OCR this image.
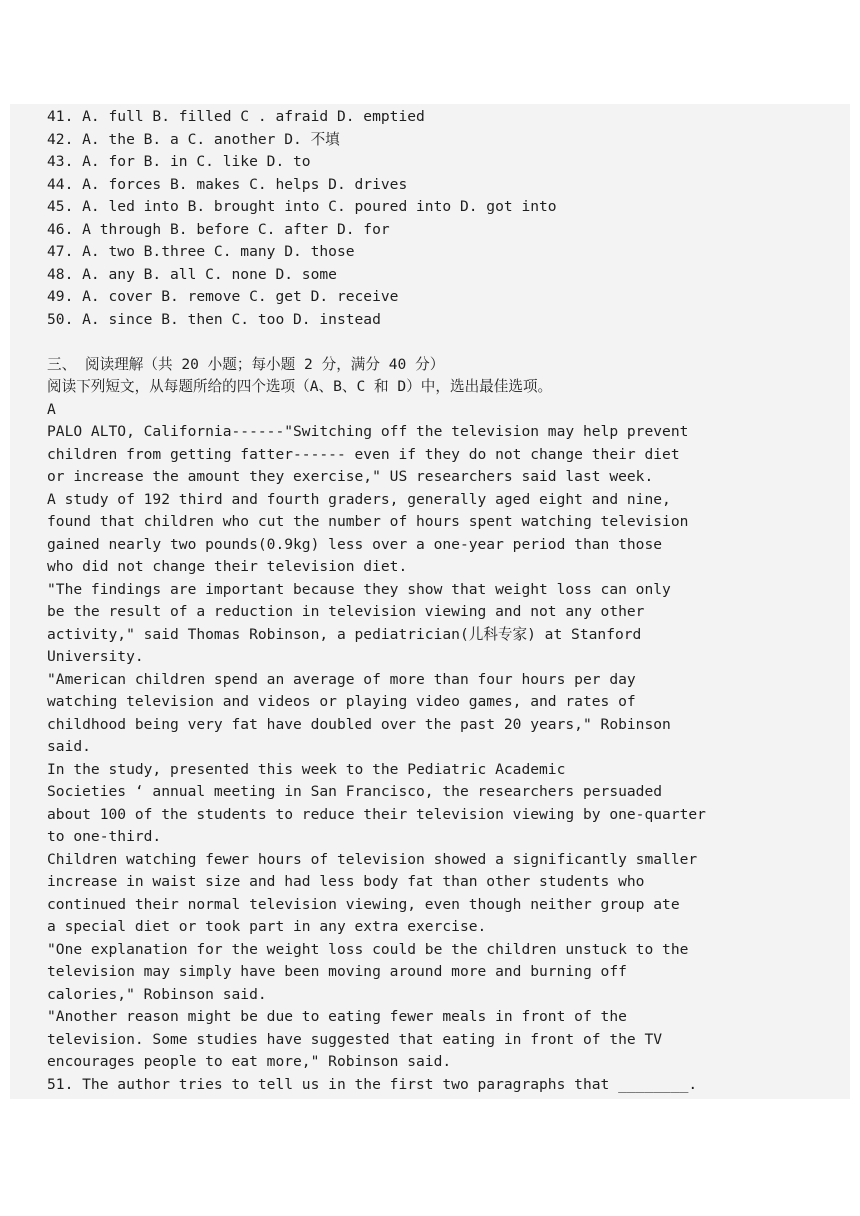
41. A. full B. filled C . afraid D. emptied
42. A. the B. a C. another D. 不填
43. A. for B. in C. like D. to
44. A. forces B. makes C. helps D. drives
45. A. led into B. brought into C. poured into D. got into
46. A through B. before C. after D. for
47. A. two B.three C. many D. those
48. A. any B. all C. none D. some
49. A. cover B. remove C. get D. receive
50. A. since B. then C. too D. instead
三、 阅读理解（共 20 小题；每小题 2 分，满分 40 分）
阅读下列短文，从每题所给的四个选项（A、B、C 和 D）中，选出最佳选项。
A
PALO ALTO, California------"Switching off the television may help prevent
children from getting fatter------ even if they do not change their diet
or increase the amount they exercise," US researchers said last week.
A study of 192 third and fourth graders, generally aged eight and nine,
found that children who cut the number of hours spent watching television
gained nearly two pounds(0.9kg) less over a one-year period than those
who did not change their television diet.
"The findings are important because they show that weight loss can only
be the result of a reduction in television viewing and not any other
activity," said Thomas Robinson, a pediatrician(儿科专家) at Stanford
University.
"American children spend an average of more than four hours per day
watching television and videos or playing video games, and rates of
childhood being very fat have doubled over the past 20 years," Robinson
said.
In the study, presented this week to the Pediatric Academic
Societies ‘ annual meeting in San Francisco, the researchers persuaded
about 100 of the students to reduce their television viewing by one-quarter
to one-third.
Children watching fewer hours of television showed a significantly smaller
increase in waist size and had less body fat than other students who
continued their normal television viewing, even though neither group ate
a special diet or took part in any extra exercise.
"One explanation for the weight loss could be the children unstuck to the
television may simply have been moving around more and burning off
calories," Robinson said.
"Another reason might be due to eating fewer meals in front of the
television. Some studies have suggested that eating in front of the TV
encourages people to eat more," Robinson said.
51. The author tries to tell us in the first two paragraphs that ________.
